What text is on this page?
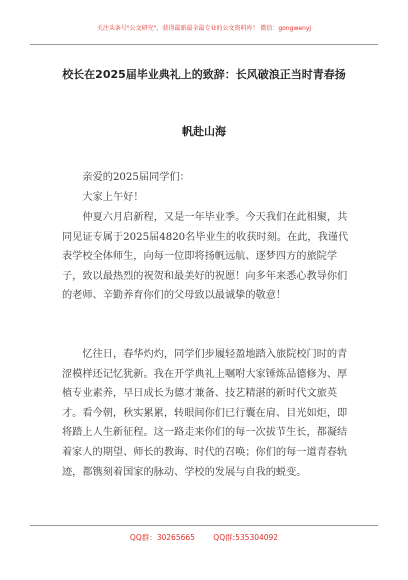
关注头条号"公文研究"，获得最新最全最专业的公文资料库！ 微信：gongwenyj
校长在2025届毕业典礼上的致辞：长风破浪正当时青春扬
帆赴山海

亲爱的2025届同学们：

大家上午好！

仲夏六月启新程，又是一年毕业季。今天我们在此相聚，共同见证专属于2025届4820名毕业生的收获时刻。在此，我谨代表学校全体师生，向每一位即将扬帆远航、逐梦四方的旅院学子，致以最热烈的祝贺和最美好的祝愿！向多年来悉心教导你们的老师、辛勤养育你们的父母致以最诚挚的敬意！

忆往日，春华灼灼，同学们步履轻盈地踏入旅院校门时的青涩模样还记忆犹新。我在开学典礼上嘱咐大家锤炼品德修为、厚植专业素养，早日成长为德才兼备、技艺精湛的新时代文旅英才。看今朝，秋实累累，转眼间你们已行囊在肩、目光如炬，即将踏上人生新征程。这一路走来你们的每一次拔节生长，都凝结着家人的期望、师长的教诲、时代的召唤；你们的每一道青春轨迹，都镌刻着国家的脉动、学校的发展与自我的蜕变。

QQ群：30265665 QQ群:535304092
